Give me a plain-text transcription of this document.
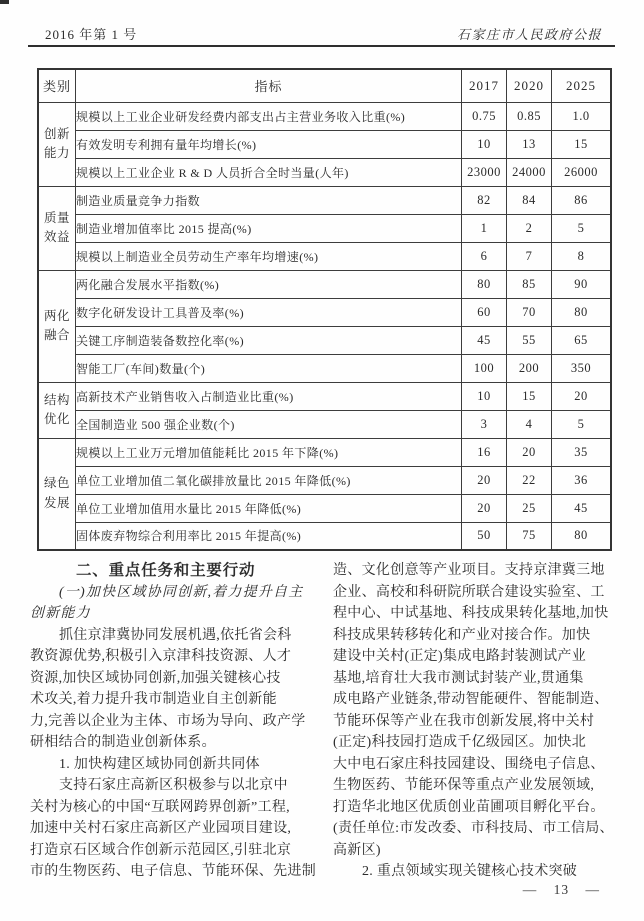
2016 年第 1 号	石家庄市人民政府公报
类别	指标	2017	2020	2025
创新能力	规模以上工业企业研发经费内部支出占主营业务收入比重(%)	0.75	0.85	1.0
	有效发明专利拥有量年均增长(%)	10	13	15
	规模以上工业企业 R & D 人员折合全时当量(人年)	23000	24000	26000
质量效益	制造业质量竞争力指数	82	84	86
	制造业增加值率比 2015 提高(%)	1	2	5
	规模以上制造业全员劳动生产率年均增速(%)	6	7	8
两化融合	两化融合发展水平指数(%)	80	85	90
	数字化研发设计工具普及率(%)	60	70	80
	关键工序制造装备数控化率(%)	45	55	65
	智能工厂(车间)数量(个)	100	200	350
结构优化	高新技术产业销售收入占制造业比重(%)	10	15	20
	全国制造业 500 强企业数(个)	3	4	5
绿色发展	规模以上工业万元增加值能耗比 2015 年下降(%)	16	20	35
	单位工业增加值二氧化碳排放量比 2015 年降低(%)	20	22	36
	单位工业增加值用水量比 2015 年降低(%)	20	25	45
	固体废弃物综合利用率比 2015 年提高(%)	50	75	80
二、重点任务和主要行动
(一)加快区域协同创新,着力提升自主
创新能力
抓住京津冀协同发展机遇,依托省会科
教资源优势,积极引入京津科技资源、人才
资源,加快区域协同创新,加强关键核心技
术攻关,着力提升我市制造业自主创新能
力,完善以企业为主体、市场为导向、政产学
研相结合的制造业创新体系。
1. 加快构建区域协同创新共同体
支持石家庄高新区积极参与以北京中
关村为核心的中国“互联网跨界创新”工程,
加速中关村石家庄高新区产业园项目建设,
打造京石区域合作创新示范园区,引驻北京
市的生物医药、电子信息、节能环保、先进制
造、文化创意等产业项目。支持京津冀三地
企业、高校和科研院所联合建设实验室、工
程中心、中试基地、科技成果转化基地,加快
科技成果转移转化和产业对接合作。加快
建设中关村(正定)集成电路封装测试产业
基地,培育壮大我市测试封装产业,贯通集
成电路产业链条,带动智能硬件、智能制造、
节能环保等产业在我市创新发展,将中关村
(正定)科技园打造成千亿级园区。加快北
大中电石家庄科技园建设、围绕电子信息、
生物医药、节能环保等重点产业发展领域,
打造华北地区优质创业苗圃项目孵化平台。
(责任单位:市发改委、市科技局、市工信局、
高新区)
2. 重点领域实现关键核心技术突破
— 13 —
